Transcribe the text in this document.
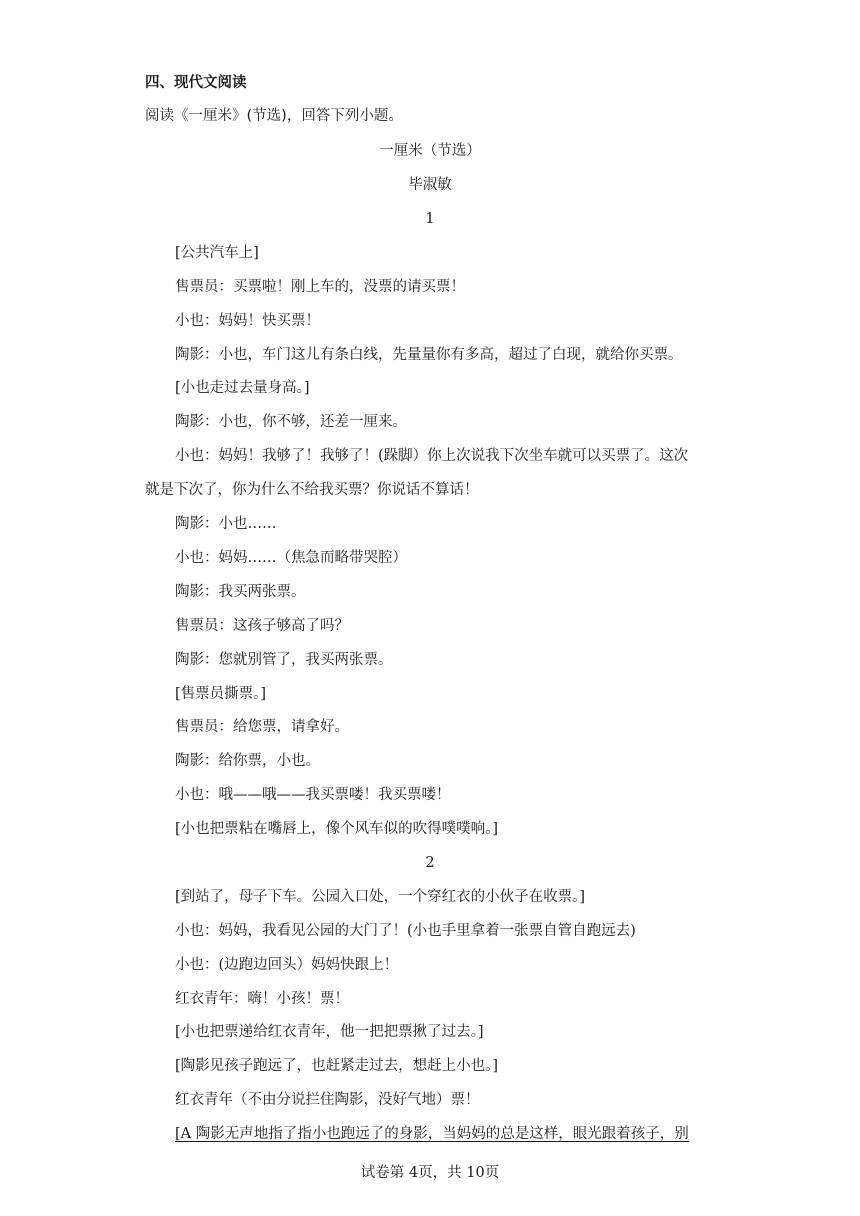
四、现代文阅读
阅读《一厘米》(节选)，回答下列小题。
一厘米（节选）
毕淑敏
1
[公共汽车上]
售票员：买票啦！刚上车的，没票的请买票！
小也：妈妈！快买票！
陶影：小也，车门这儿有条白线，先量量你有多高，超过了白现，就给你买票。
[小也走过去量身高。]
陶影：小也，你不够，还差一厘来。
小也：妈妈！我够了！我够了！(跺脚）你上次说我下次坐车就可以买票了。这次
就是下次了，你为什么不给我买票？你说话不算话！
陶影：小也……
小也：妈妈……（焦急而略带哭腔）
陶影：我买两张票。
售票员：这孩子够高了吗？
陶影：您就别管了，我买两张票。
[售票员撕票。]
售票员：给您票，请拿好。
陶影：给你票，小也。
小也：哦——哦——我买票喽！我买票喽！
[小也把票粘在嘴唇上，像个风车似的吹得噗噗响。]
2
[到站了，母子下车。公园入口处，一个穿红衣的小伙子在收票。]
小也：妈妈，我看见公园的大门了！(小也手里拿着一张票自管自跑远去)
小也：(边跑边回头）妈妈快跟上！
红衣青年：嗨！小孩！票！
[小也把票递给红衣青年，他一把把票揪了过去。]
[陶影见孩子跑远了，也赶紧走过去，想赶上小也。]
红衣青年（不由分说拦住陶影，没好气地）票！
[A 陶影无声地指了指小也跑远了的身影，当妈妈的总是这样，眼光跟着孩子，别
试卷第 4页，共 10页
